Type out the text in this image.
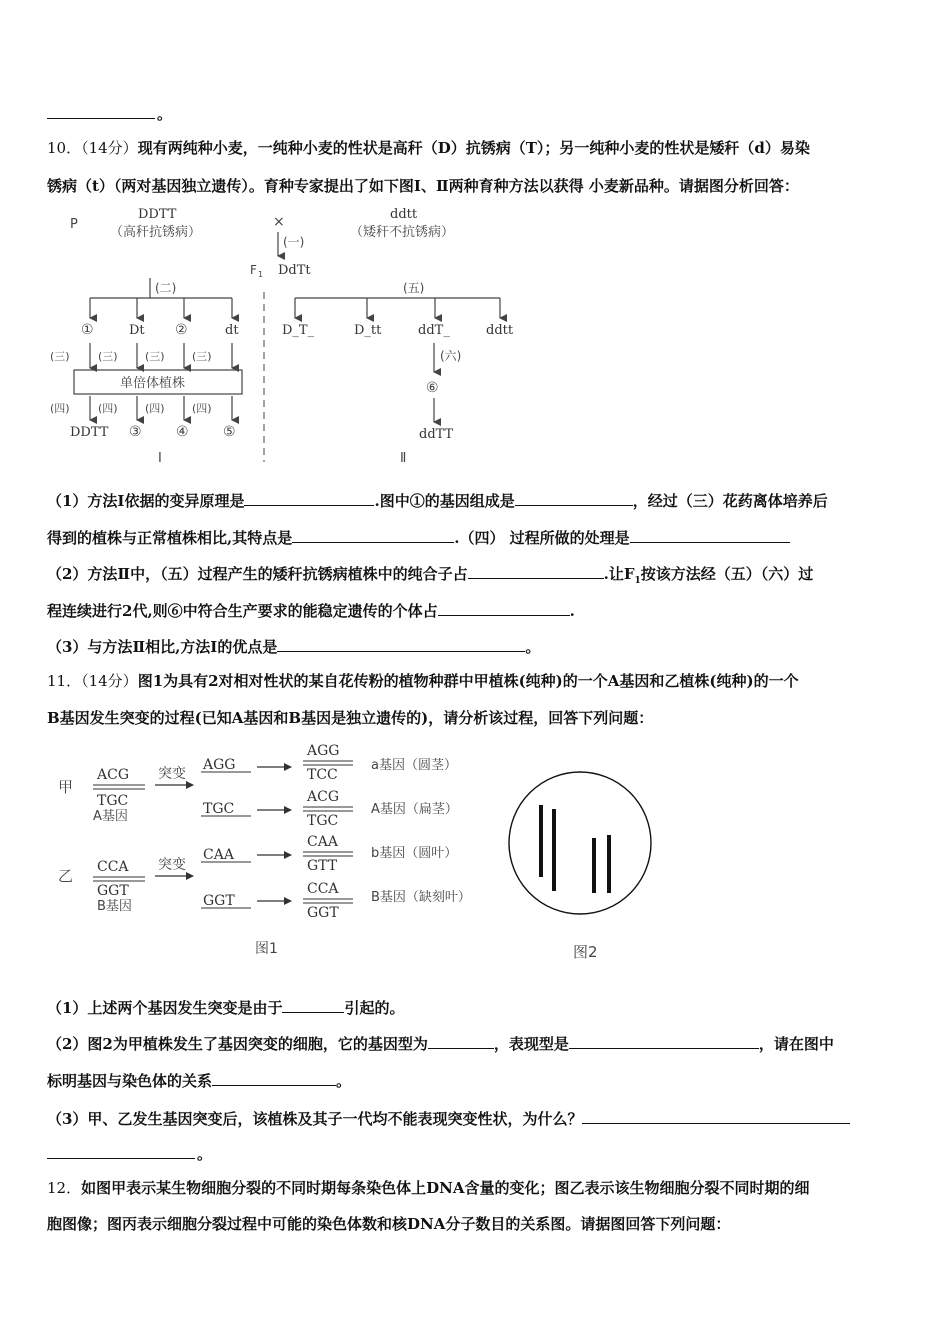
。
10．（14分）现有两纯种小麦，一纯种小麦的性状是高秆（D）抗锈病（T）；另一纯种小麦的性状是矮秆（d）易染
锈病（t）（两对基因独立遗传）。育种专家提出了如下图Ⅰ、Ⅱ两种育种方法以获得 小麦新品种。请据图分析回答：
P
DDTT
（高秆抗锈病）
×	ddtt
（矮秆不抗锈病）
(一)
F 1 DdTt
(二)
①	Dt ②	dt
(三)	(三) (三) (三)
单倍体植株
(四)	(四) (四) (四)
DDTT ③ ④ ⑤
Ⅰ
(五)
D_T_	D_tt	ddT_	ddtt
(六)
⑥
ddTT
Ⅱ
（1）方法Ⅰ依据的变异原理是	.图中①的基因组成是	，经过（三）花药离体培养后
得到的植株与正常植株相比,其特点是	.（四） 过程所做的处理是
（2）方法Ⅱ中，（五）过程产生的矮秆抗锈病植株中的纯合子占	.让$F_1$按该方法经（五）（六）过
程连续进行2代,则⑥中符合生产要求的能稳定遗传的个体占	.
（3）与方法Ⅱ相比,方法Ⅰ的优点是	。
11．（14分）图1为具有2对相对性状的某自花传粉的植物种群中甲植株(纯种)的一个A基因和乙植株(纯种)的一个
B基因发生突变的过程(已知A基因和B基因是独立遗传的)，请分析该过程，回答下列问题：
甲
ACG
TGC
A基因
突变
AGG
AGG
TCC
a基因（圆茎）
TGC
ACG
TGC
A基因（扁茎）
乙 CCA
GGT
B基因
突变
CAA
CAA
GTT
b基因（圆叶）
GGT
CCA
GGT
B基因（缺刻叶）
图1	图2
（1）上述两个基因发生突变是由于	引起的。
（2）图2为甲植株发生了基因突变的细胞，它的基因型为	，表现型是	，请在图中
标明基因与染色体的关系	。
（3）甲、乙发生基因突变后，该植株及其子一代均不能表现突变性状，为什么？
。
12．如图甲表示某生物细胞分裂的不同时期每条染色体上DNA含量的变化；图乙表示该生物细胞分裂不同时期的细
胞图像；图丙表示细胞分裂过程中可能的染色体数和核DNA分子数目的关系图。请据图回答下列问题：
